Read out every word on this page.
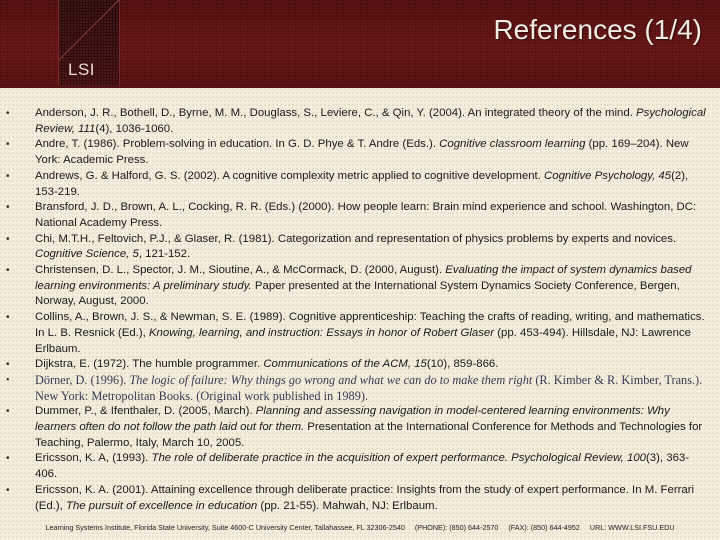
LSI
References (1/4)
• Anderson, J. R., Bothell, D., Byrne, M. M., Douglass, S., Leviere, C., & Qin, Y. (2004). An integrated theory of the mind. Psychological Review, 111(4), 1036-1060.
• Andre, T. (1986). Problem-solving in education. In G. D. Phye & T. Andre (Eds.). Cognitive classroom learning (pp. 169–204). New York: Academic Press.
• Andrews, G. & Halford, G. S. (2002). A cognitive complexity metric applied to cognitive development. Cognitive Psychology, 45(2), 153-219.
• Bransford, J. D., Brown, A. L., Cocking, R. R. (Eds.) (2000). How people learn: Brain mind experience and school. Washington, DC: National Academy Press.
• Chi, M.T.H., Feltovich, P.J., & Glaser, R. (1981). Categorization and representation of physics problems by experts and novices. Cognitive Science, 5, 121-152.
• Christensen, D. L., Spector, J. M., Sioutine, A., & McCormack, D. (2000, August). Evaluating the impact of system dynamics based learning environments: A preliminary study. Paper presented at the International System Dynamics Society Conference, Bergen, Norway, August, 2000.
• Collins, A., Brown, J. S., & Newman, S. E. (1989). Cognitive apprenticeship: Teaching the crafts of reading, writing, and mathematics. In L. B. Resnick (Ed.), Knowing, learning, and instruction: Essays in honor of Robert Glaser (pp. 453-494). Hillsdale, NJ: Lawrence Erlbaum.
• Dijkstra, E. (1972). The humble programmer. Communications of the ACM, 15(10), 859-866.
• Dörner, D. (1996). The logic of failure: Why things go wrong and what we can do to make them right (R. Kimber & R. Kimber, Trans.). New York: Metropolitan Books. (Original work published in 1989).
• Dummer, P., & Ifenthaler, D. (2005, March). Planning and assessing navigation in model-centered learning environments: Why learners often do not follow the path laid out for them. Presentation at the International Conference for Methods and Technologies for Teaching, Palermo, Italy, March 10, 2005.
• Ericsson, K. A, (1993). The role of deliberate practice in the acquisition of expert performance. Psychological Review, 100(3), 363-406.
• Ericsson, K. A. (2001). Attaining excellence through deliberate practice: Insights from the study of expert performance. In M. Ferrari (Ed.), The pursuit of excellence in education (pp. 21-55). Mahwah, NJ: Erlbaum.
Learning Systems Institute, Florida State University, Suite 4600-C University Center, Tallahassee, FL 32306-2540 (PHONE): (850) 644-2570 (FAX): (850) 644-4952 URL: WWW.LSI.FSU.EDU
